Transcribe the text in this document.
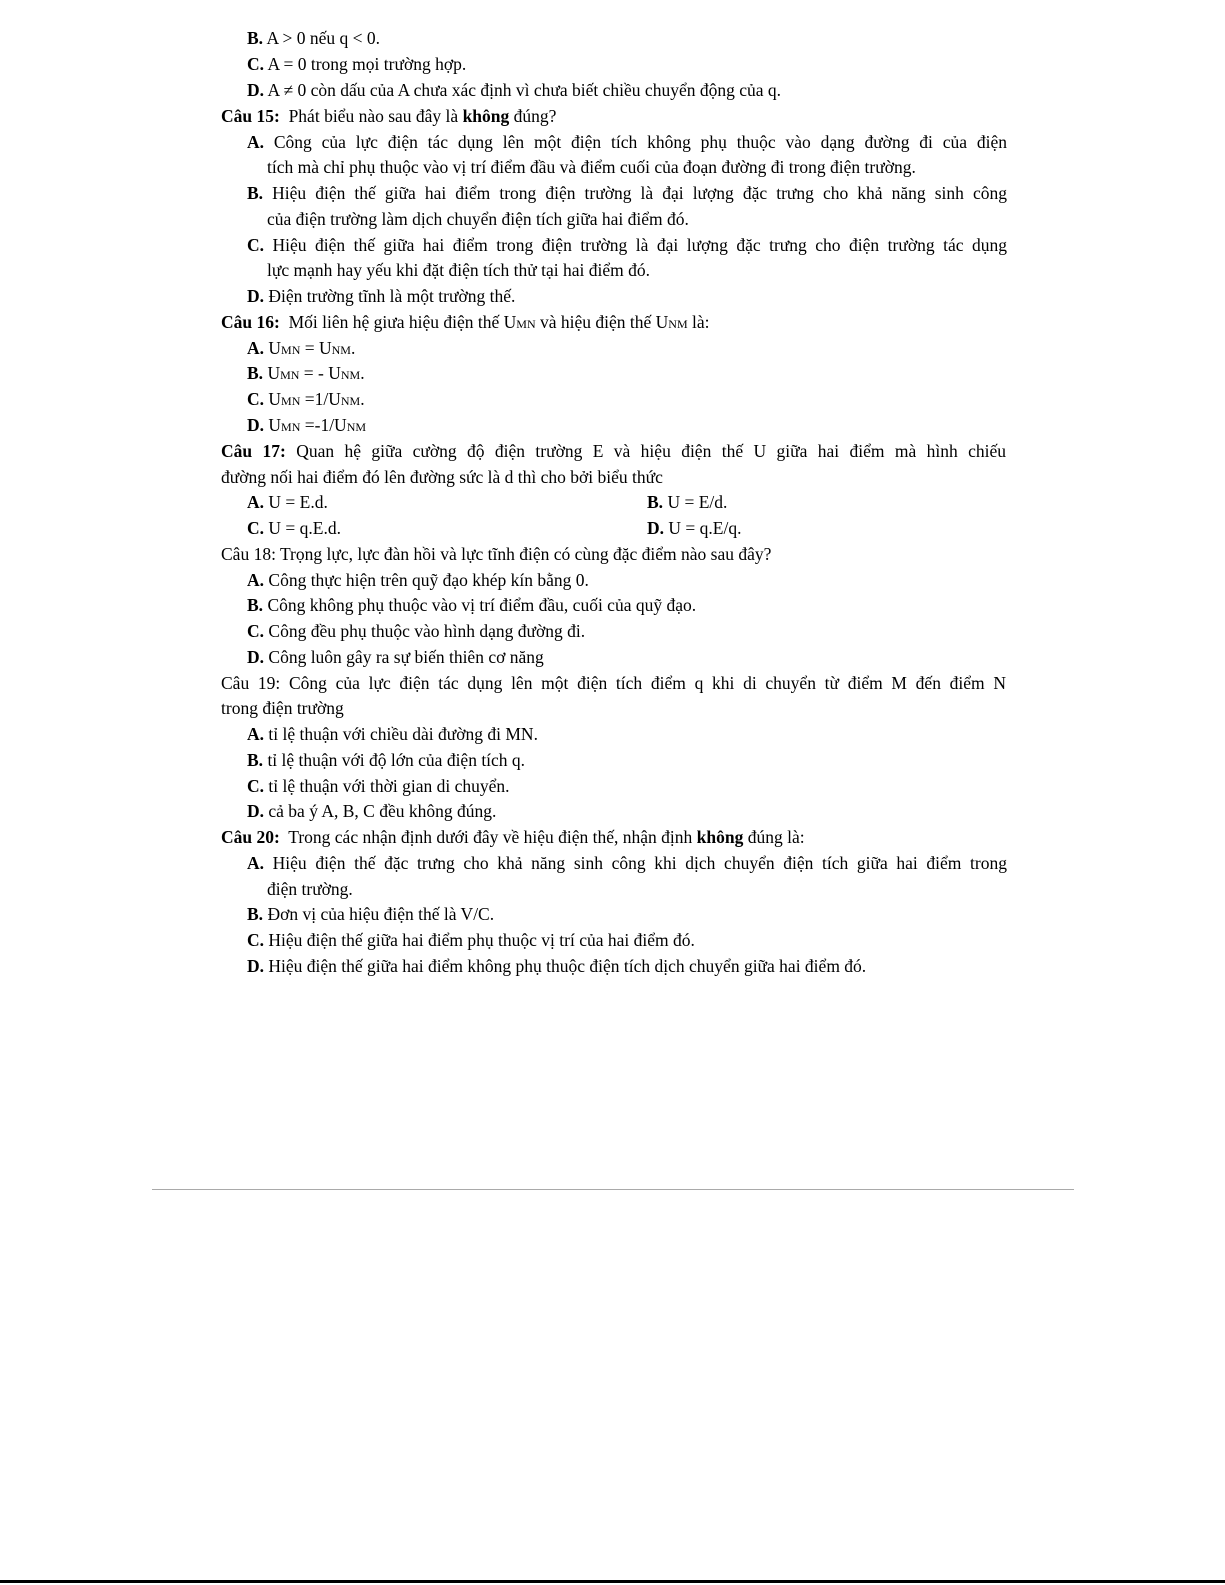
B. A > 0 nếu q < 0.
C. A = 0 trong mọi trường hợp.
D. A ≠ 0 còn dấu của A chưa xác định vì chưa biết chiều chuyển động của q.
Câu 15: Phát biểu nào sau đây là không đúng?
A. Công của lực điện tác dụng lên một điện tích không phụ thuộc vào dạng đường đi của điện
tích mà chỉ phụ thuộc vào vị trí điểm đầu và điểm cuối của đoạn đường đi trong điện trường.
B. Hiệu điện thế giữa hai điểm trong điện trường là đại lượng đặc trưng cho khả năng sinh công
của điện trường làm dịch chuyển điện tích giữa hai điểm đó.
C. Hiệu điện thế giữa hai điểm trong điện trường là đại lượng đặc trưng cho điện trường tác dụng
lực mạnh hay yếu khi đặt điện tích thử tại hai điểm đó.
D. Điện trường tĩnh là một trường thế.
Câu 16: Mối liên hệ giưa hiệu điện thế UMN và hiệu điện thế UNM là:
A. UMN = UNM.
B. UMN = - UNM.
C. UMN =1/UNM.
D. UMN =-1/UNM
Câu 17: Quan hệ giữa cường độ điện trường E và hiệu điện thế U giữa hai điểm mà hình chiếu
đường nối hai điểm đó lên đường sức là d thì cho bởi biểu thức
A. U = E.d.	B. U = E/d.
C. U = q.E.d.	D. U = q.E/q.
Câu 18: Trọng lực, lực đàn hồi và lực tĩnh điện có cùng đặc điểm nào sau đây?
A. Công thực hiện trên quỹ đạo khép kín bằng 0.
B. Công không phụ thuộc vào vị trí điểm đầu, cuối của quỹ đạo.
C. Công đều phụ thuộc vào hình dạng đường đi.
D. Công luôn gây ra sự biến thiên cơ năng
Câu 19: Công của lực điện tác dụng lên một điện tích điểm q khi di chuyển từ điểm M đến điểm N
trong điện trường
A. tỉ lệ thuận với chiều dài đường đi MN.
B. tỉ lệ thuận với độ lớn của điện tích q.
C. tỉ lệ thuận với thời gian di chuyển.
D. cả ba ý A, B, C đều không đúng.
Câu 20: Trong các nhận định dưới đây về hiệu điện thế, nhận định không đúng là:
A. Hiệu điện thế đặc trưng cho khả năng sinh công khi dịch chuyển điện tích giữa hai điểm trong
điện trường.
B. Đơn vị của hiệu điện thế là V/C.
C. Hiệu điện thế giữa hai điểm phụ thuộc vị trí của hai điểm đó.
D. Hiệu điện thế giữa hai điểm không phụ thuộc điện tích dịch chuyển giữa hai điểm đó.
